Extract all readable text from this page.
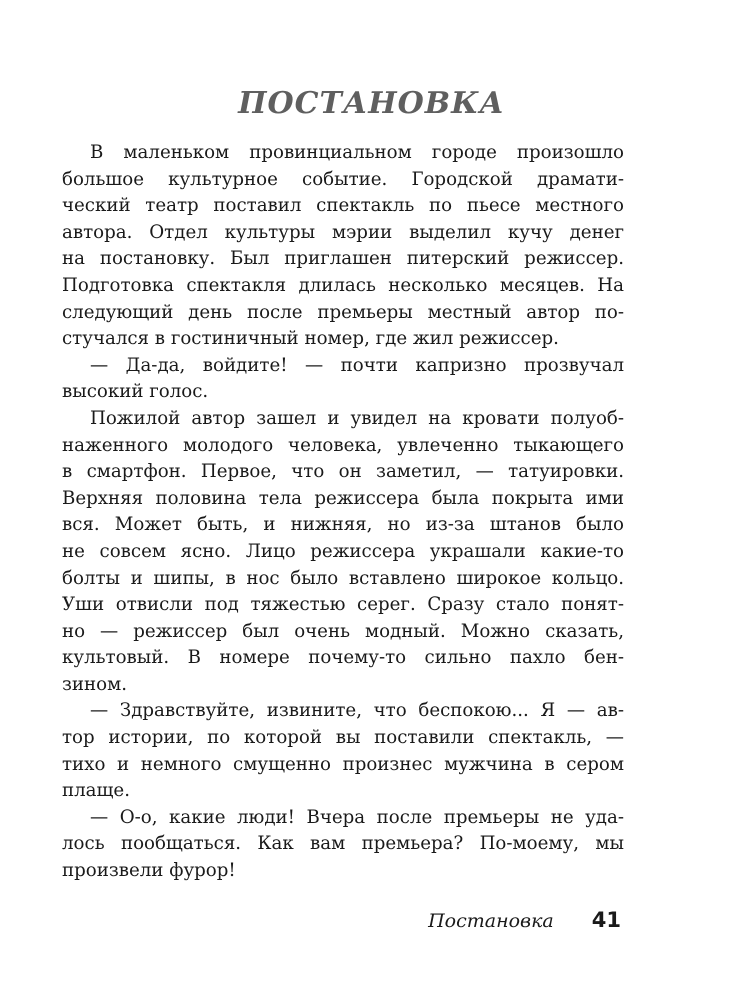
ПОСТАНОВКА
В маленьком провинциальном городе произошло
большое культурное событие. Городской драмати-
ческий театр поставил спектакль по пьесе местного
автора. Отдел культуры мэрии выделил кучу денег
на постановку. Был приглашен питерский режиссер.
Подготовка спектакля длилась несколько месяцев. На
следующий день после премьеры местный автор по-
стучался в гостиничный номер, где жил режиссер.
— Да-да, войдите! — почти капризно прозвучал
высокий голос.
Пожилой автор зашел и увидел на кровати полуоб-
наженного молодого человека, увлеченно тыкающего
в смартфон. Первое, что он заметил, — татуировки.
Верхняя половина тела режиссера была покрыта ими
вся. Может быть, и нижняя, но из-за штанов было
не совсем ясно. Лицо режиссера украшали какие-то
болты и шипы, в нос было вставлено широкое кольцо.
Уши отвисли под тяжестью серег. Сразу стало понят-
но — режиссер был очень модный. Можно сказать,
культовый. В номере почему-то сильно пахло бен-
зином.
— Здравствуйте, извините, что беспокою... Я — ав-
тор истории, по которой вы поставили спектакль, —
тихо и немного смущенно произнес мужчина в сером
плаще.
— О-о, какие люди! Вчера после премьеры не уда-
лось пообщаться. Как вам премьера? По-моему, мы
произвели фурор!
Постановка 41
